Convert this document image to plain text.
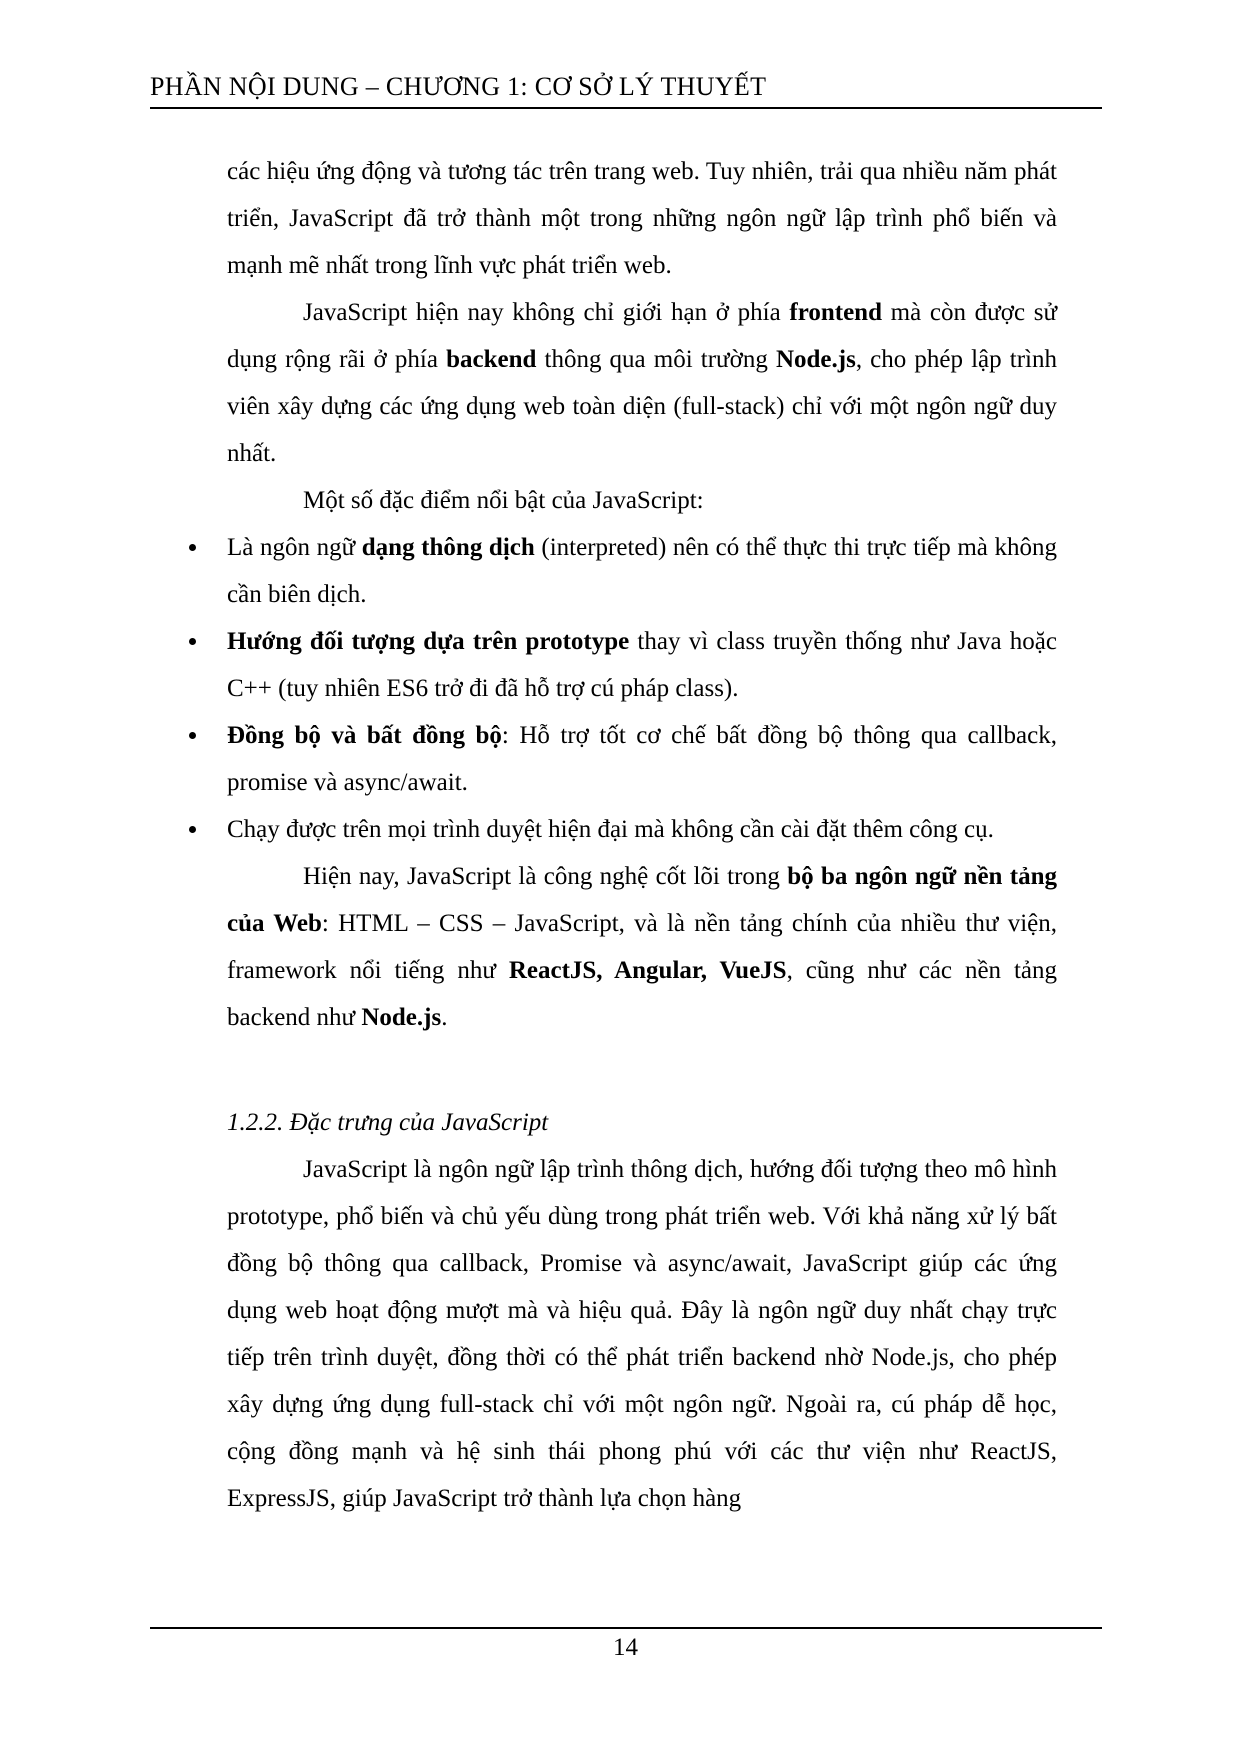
PHẦN NỘI DUNG – CHƯƠNG 1: CƠ SỞ LÝ THUYẾT

các hiệu ứng động và tương tác trên trang web. Tuy nhiên, trải qua nhiều năm phát triển, JavaScript đã trở thành một trong những ngôn ngữ lập trình phổ biến và mạnh mẽ nhất trong lĩnh vực phát triển web.

JavaScript hiện nay không chỉ giới hạn ở phía frontend mà còn được sử dụng rộng rãi ở phía backend thông qua môi trường Node.js, cho phép lập trình viên xây dựng các ứng dụng web toàn diện (full-stack) chỉ với một ngôn ngữ duy nhất.

Một số đặc điểm nổi bật của JavaScript:

Là ngôn ngữ dạng thông dịch (interpreted) nên có thể thực thi trực tiếp mà không cần biên dịch.
Hướng đối tượng dựa trên prototype thay vì class truyền thống như Java hoặc C++ (tuy nhiên ES6 trở đi đã hỗ trợ cú pháp class).
Đồng bộ và bất đồng bộ: Hỗ trợ tốt cơ chế bất đồng bộ thông qua callback, promise và async/await.
Chạy được trên mọi trình duyệt hiện đại mà không cần cài đặt thêm công cụ.

Hiện nay, JavaScript là công nghệ cốt lõi trong bộ ba ngôn ngữ nền tảng của Web: HTML – CSS – JavaScript, và là nền tảng chính của nhiều thư viện, framework nổi tiếng như ReactJS, Angular, VueJS, cũng như các nền tảng backend như Node.js.

1.2.2. Đặc trưng của JavaScript

JavaScript là ngôn ngữ lập trình thông dịch, hướng đối tượng theo mô hình prototype, phổ biến và chủ yếu dùng trong phát triển web. Với khả năng xử lý bất đồng bộ thông qua callback, Promise và async/await, JavaScript giúp các ứng dụng web hoạt động mượt mà và hiệu quả. Đây là ngôn ngữ duy nhất chạy trực tiếp trên trình duyệt, đồng thời có thể phát triển backend nhờ Node.js, cho phép xây dựng ứng dụng full-stack chỉ với một ngôn ngữ. Ngoài ra, cú pháp dễ học, cộng đồng mạnh và hệ sinh thái phong phú với các thư viện như ReactJS, ExpressJS, giúp JavaScript trở thành lựa chọn hàng

14
